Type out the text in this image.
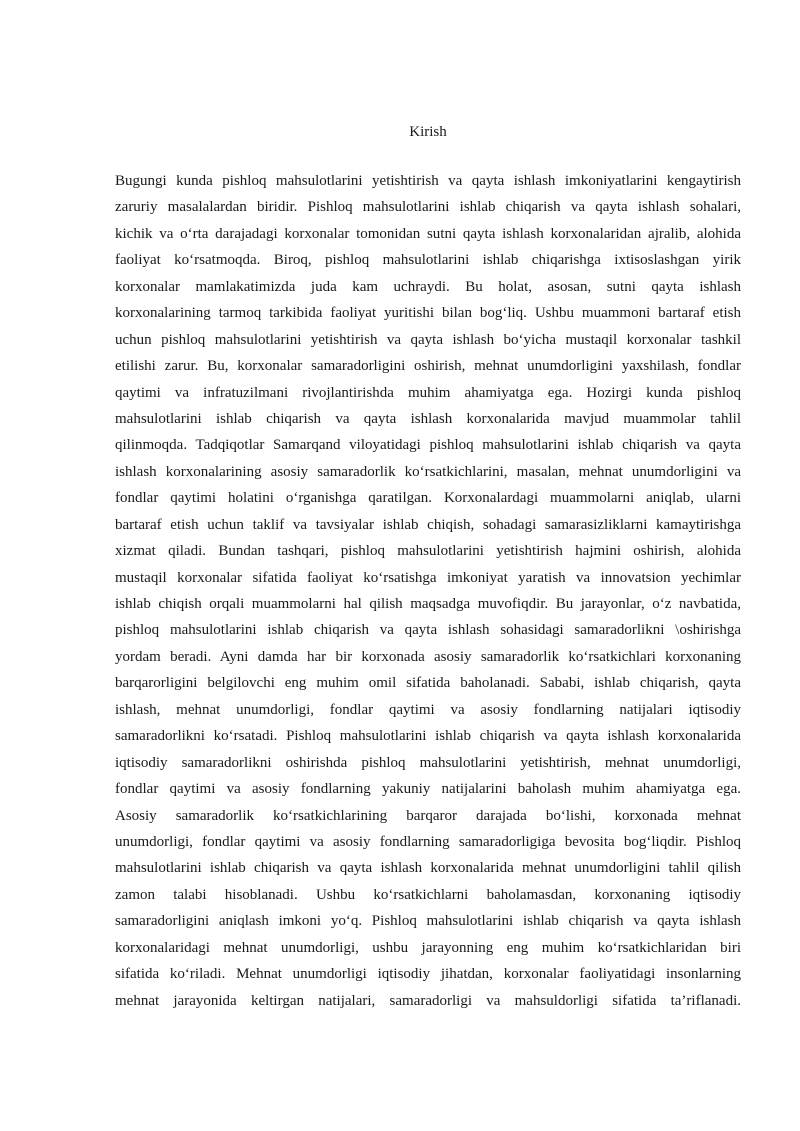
Kirish
Bugungi kunda pishloq mahsulotlarini yetishtirish va qayta ishlash imkoniyatlarini kengaytirish
zaruriy masalalardan biridir. Pishloq mahsulotlarini ishlab chiqarish va qayta ishlash sohalari,
kichik va o‘rta darajadagi korxonalar tomonidan sutni qayta ishlash korxonalaridan ajralib, alohida
faoliyat ko‘rsatmoqda. Biroq, pishloq mahsulotlarini ishlab chiqarishga ixtisoslashgan yirik
korxonalar mamlakatimizda juda kam uchraydi. Bu holat, asosan, sutni qayta ishlash
korxonalarining tarmoq tarkibida faoliyat yuritishi bilan bog‘liq. Ushbu muammoni bartaraf etish
uchun pishloq mahsulotlarini yetishtirish va qayta ishlash bo‘yicha mustaqil korxonalar tashkil
etilishi zarur. Bu, korxonalar samaradorligini oshirish, mehnat unumdorligini yaxshilash, fondlar
qaytimi va infratuzilmani rivojlantirishda muhim ahamiyatga ega. Hozirgi kunda pishloq
mahsulotlarini ishlab chiqarish va qayta ishlash korxonalarida mavjud muammolar tahlil
qilinmoqda. Tadqiqotlar Samarqand viloyatidagi pishloq mahsulotlarini ishlab chiqarish va qayta
ishlash korxonalarining asosiy samaradorlik ko‘rsatkichlarini, masalan, mehnat unumdorligini va
fondlar qaytimi holatini o‘rganishga qaratilgan. Korxonalardagi muammolarni aniqlab, ularni
bartaraf etish uchun taklif va tavsiyalar ishlab chiqish, sohadagi samarasizliklarni kamaytirishga
xizmat qiladi. Bundan tashqari, pishloq mahsulotlarini yetishtirish hajmini oshirish, alohida
mustaqil korxonalar sifatida faoliyat ko‘rsatishga imkoniyat yaratish va innovatsion yechimlar
ishlab chiqish orqali muammolarni hal qilish maqsadga muvofiqdir. Bu jarayonlar, o‘z navbatida,
pishloq mahsulotlarini ishlab chiqarish va qayta ishlash sohasidagi samaradorlikni \oshirishga
yordam beradi. Ayni damda har bir korxonada asosiy samaradorlik ko‘rsatkichlari korxonaning
barqarorligini belgilovchi eng muhim omil sifatida baholanadi. Sababi, ishlab chiqarish, qayta
ishlash, mehnat unumdorligi, fondlar qaytimi va asosiy fondlarning natijalari iqtisodiy
samaradorlikni ko‘rsatadi. Pishloq mahsulotlarini ishlab chiqarish va qayta ishlash korxonalarida
iqtisodiy samaradorlikni oshirishda pishloq mahsulotlarini yetishtirish, mehnat unumdorligi,
fondlar qaytimi va asosiy fondlarning yakuniy natijalarini baholash muhim ahamiyatga ega.
Asosiy samaradorlik ko‘rsatkichlarining barqaror darajada bo‘lishi, korxonada mehnat
unumdorligi, fondlar qaytimi va asosiy fondlarning samaradorligiga bevosita bog‘liqdir. Pishloq
mahsulotlarini ishlab chiqarish va qayta ishlash korxonalarida mehnat unumdorligini tahlil qilish
zamon talabi hisoblanadi. Ushbu ko‘rsatkichlarni baholamasdan, korxonaning iqtisodiy
samaradorligini aniqlash imkoni yo‘q. Pishloq mahsulotlarini ishlab chiqarish va qayta ishlash
korxonalaridagi mehnat unumdorligi, ushbu jarayonning eng muhim ko‘rsatkichlaridan biri
sifatida ko‘riladi. Mehnat unumdorligi iqtisodiy jihatdan, korxonalar faoliyatidagi insonlarning
mehnat jarayonida keltirgan natijalari, samaradorligi va mahsuldorligi sifatida ta’riflanadi.
